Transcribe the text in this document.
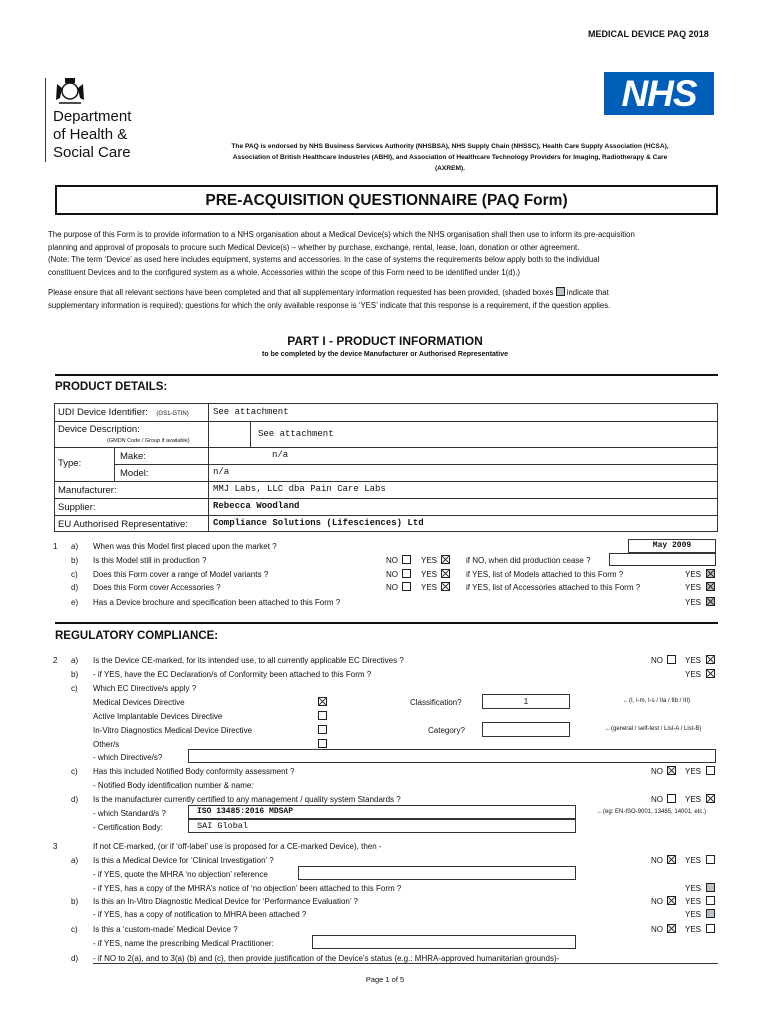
MEDICAL DEVICE PAQ 2018
Department
of Health &
Social Care
NHS
The PAQ is endorsed by NHS Business Services Authority (NHSBSA), NHS Supply Chain (NHSSC), Health Care Supply Association (HCSA),
Association of British Healthcare Industries (ABHI), and Association of Healthcare Technology Providers for Imaging, Radiotherapy & Care
(AXREM).
PRE-ACQUISITION QUESTIONNAIRE (PAQ Form)
The purpose of this Form is to provide information to a NHS organisation about a Medical Device(s) which the NHS organisation shall then use to inform its pre-acquisition
planning and approval of proposals to procure such Medical Device(s) – whether by purchase, exchange, rental, lease, loan, donation or other agreement.
(Note: The term ‘Device’ as used here includes equipment, systems and accessories. In the case of systems the requirements below apply both to the individual
constituent Devices and to the configured system as a whole. Accessories within the scope of this Form need to be identified under 1(d).)
Please ensure that all relevant sections have been completed and that all supplementary information requested has been provided, (shaded boxes indicate that
supplementary information is required); questions for which the only available response is ‘YES’ indicate that this response is a requirement, if the question applies.
PART I - PRODUCT INFORMATION
to be completed by the device Manufacturer or Authorised Representative
PRODUCT DETAILS:
UDI Device Identifier: (GS1-GTIN)	See attachment
Device Description:
(GMDN Code / Group if available)
See attachment
Type:
Make:	n/a
Model:	n/a
Manufacturer:	MMJ Labs, LLC dba Pain Care Labs
Supplier:	Rebecca Woodland
EU Authorised Representative:	Compliance Solutions (Lifesciences) Ltd
1 a) When was this Model first placed upon the market ?	May 2009
b) Is this Model still in production ?	NO	YES	if NO, when did production cease ?
c) Does this Form cover a range of Model variants ?	NO	YES	if YES, list of Models attached to this Form ?	YES
d) Does this Form cover Accessories ?	NO	YES	if YES, list of Accessories attached to this Form ?	YES
e) Has a Device brochure and specification been attached to this Form ?	YES
REGULATORY COMPLIANCE:
2 a) Is the Device CE-marked, for its intended use, to all currently applicable EC Directives ?	NO	YES
b) - if YES, have the EC Declaration/s of Conformity been attached to this Form ?	YES
c) Which EC Directive/s apply ?
Medical Devices Directive	Classification?	1	←(I, I-m, I-s / IIa / IIb / III)
Active Implantable Devices Directive
In-Vitro Diagnostics Medical Device Directive	Category?	←(general / self-test / List-A / List-B)
Other/s
- which Directive/s?
c) Has this included Notified Body conformity assessment ?	NO	YES
- Notified Body identification number & name:
d) Is the manufacturer currently certified to any management / quality system Standards ?	NO	YES
- which Standard/s ?	ISO 13485:2016 MDSAP	←(eg: EN-ISO-9001, 13485, 14001, etc.)
- Certification Body:	SAI Global
3	If not CE-marked, (or if ‘off-label’ use is proposed for a CE-marked Device), then -
a) Is this a Medical Device for ‘Clinical Investigation’ ?	NO	YES
- if YES, quote the MHRA ‘no objection’ reference
- if YES, has a copy of the MHRA’s notice of ‘no objection’ been attached to this Form ?	YES
b) Is this an In-Vitro Diagnostic Medical Device for ‘Performance Evaluation’ ?	NO	YES
- if YES, has a copy of notification to MHRA been attached ?	YES
c) Is this a ‘custom-made’ Medical Device ?	NO	YES
- if YES, name the prescribing Medical Practitioner:
d) - if NO to 2(a), and to 3(a) (b) and (c), then provide justification of the Device’s status (e.g.: MHRA-approved humanitarian grounds)-
Page 1 of 5
